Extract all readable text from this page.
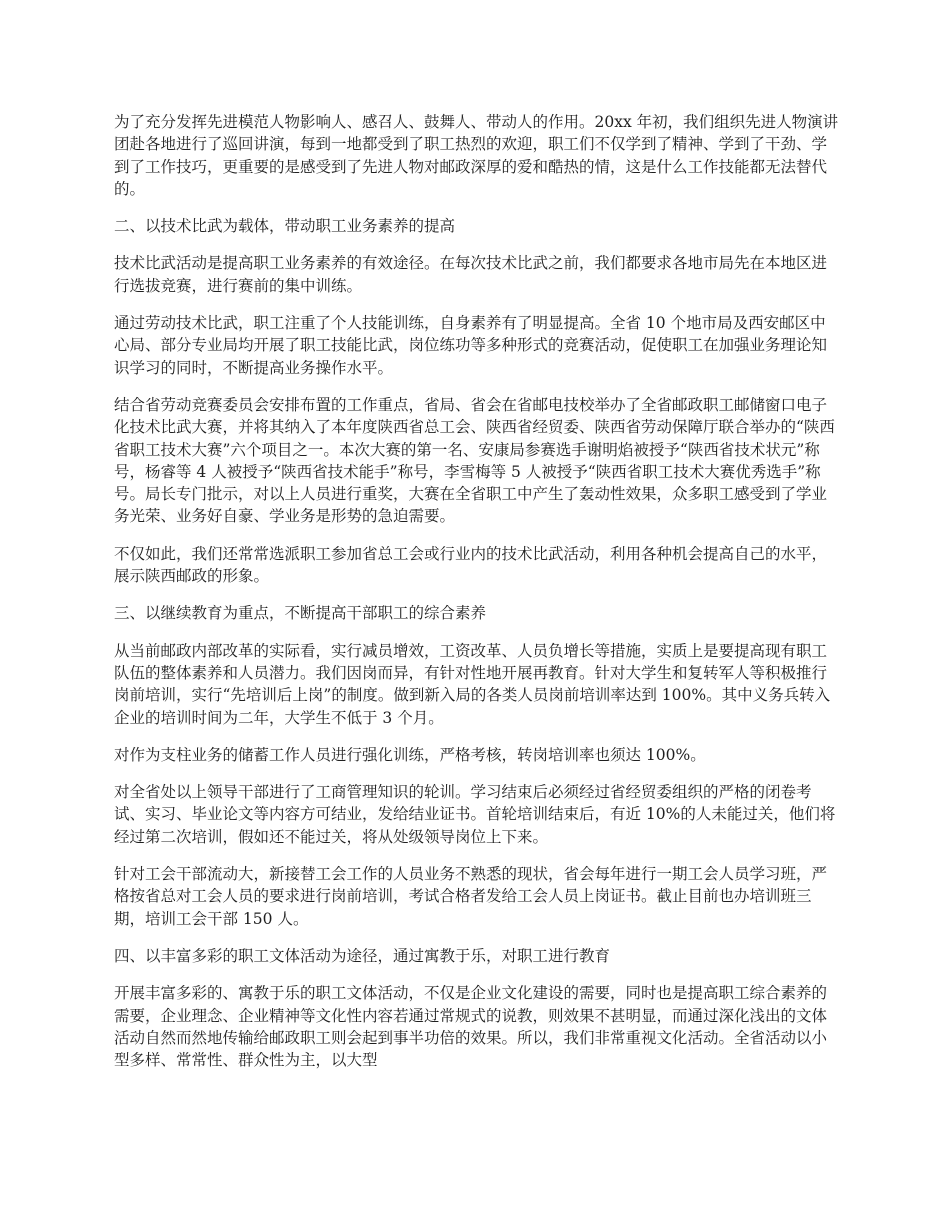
为了充分发挥先进模范人物影响人、感召人、鼓舞人、带动人的作用。20xx 年初，我们组织先进人物演讲团赴各地进行了巡回讲演，每到一地都受到了职工热烈的欢迎，职工们不仅学到了精神、学到了干劲、学到了工作技巧，更重要的是感受到了先进人物对邮政深厚的爱和酷热的情，这是什么工作技能都无法替代的。

二、以技术比武为载体，带动职工业务素养的提高

技术比武活动是提高职工业务素养的有效途径。在每次技术比武之前，我们都要求各地市局先在本地区进行选拔竞赛，进行赛前的集中训练。

通过劳动技术比武，职工注重了个人技能训练，自身素养有了明显提高。全省 10 个地市局及西安邮区中心局、部分专业局均开展了职工技能比武，岗位练功等多种形式的竞赛活动，促使职工在加强业务理论知识学习的同时，不断提高业务操作水平。

结合省劳动竞赛委员会安排布置的工作重点，省局、省会在省邮电技校举办了全省邮政职工邮储窗口电子化技术比武大赛，并将其纳入了本年度陕西省总工会、陕西省经贸委、陕西省劳动保障厅联合举办的“陕西省职工技术大赛”六个项目之一。本次大赛的第一名、安康局参赛选手谢明焰被授予“陕西省技术状元”称号，杨睿等 4 人被授予“陕西省技术能手”称号，李雪梅等 5 人被授予“陕西省职工技术大赛优秀选手”称号。局长专门批示，对以上人员进行重奖，大赛在全省职工中产生了轰动性效果，众多职工感受到了学业务光荣、业务好自豪、学业务是形势的急迫需要。

不仅如此，我们还常常选派职工参加省总工会或行业内的技术比武活动，利用各种机会提高自己的水平，展示陕西邮政的形象。

三、以继续教育为重点，不断提高干部职工的综合素养

从当前邮政内部改革的实际看，实行减员增效，工资改革、人员负增长等措施，实质上是要提高现有职工队伍的整体素养和人员潜力。我们因岗而异，有针对性地开展再教育。针对大学生和复转军人等积极推行岗前培训，实行“先培训后上岗”的制度。做到新入局的各类人员岗前培训率达到 100%。其中义务兵转入企业的培训时间为二年，大学生不低于 3 个月。

对作为支柱业务的储蓄工作人员进行强化训练，严格考核，转岗培训率也须达 100%。

对全省处以上领导干部进行了工商管理知识的轮训。学习结束后必须经过省经贸委组织的严格的闭卷考试、实习、毕业论文等内容方可结业，发给结业证书。首轮培训结束后，有近 10%的人未能过关，他们将经过第二次培训，假如还不能过关，将从处级领导岗位上下来。

针对工会干部流动大，新接替工会工作的人员业务不熟悉的现状，省会每年进行一期工会人员学习班，严格按省总对工会人员的要求进行岗前培训，考试合格者发给工会人员上岗证书。截止目前也办培训班三期，培训工会干部 150 人。

四、以丰富多彩的职工文体活动为途径，通过寓教于乐，对职工进行教育

开展丰富多彩的、寓教于乐的职工文体活动，不仅是企业文化建设的需要，同时也是提高职工综合素养的需要，企业理念、企业精神等文化性内容若通过常规式的说教，则效果不甚明显，而通过深化浅出的文体活动自然而然地传输给邮政职工则会起到事半功倍的效果。所以，我们非常重视文化活动。全省活动以小型多样、常常性、群众性为主，以大型
